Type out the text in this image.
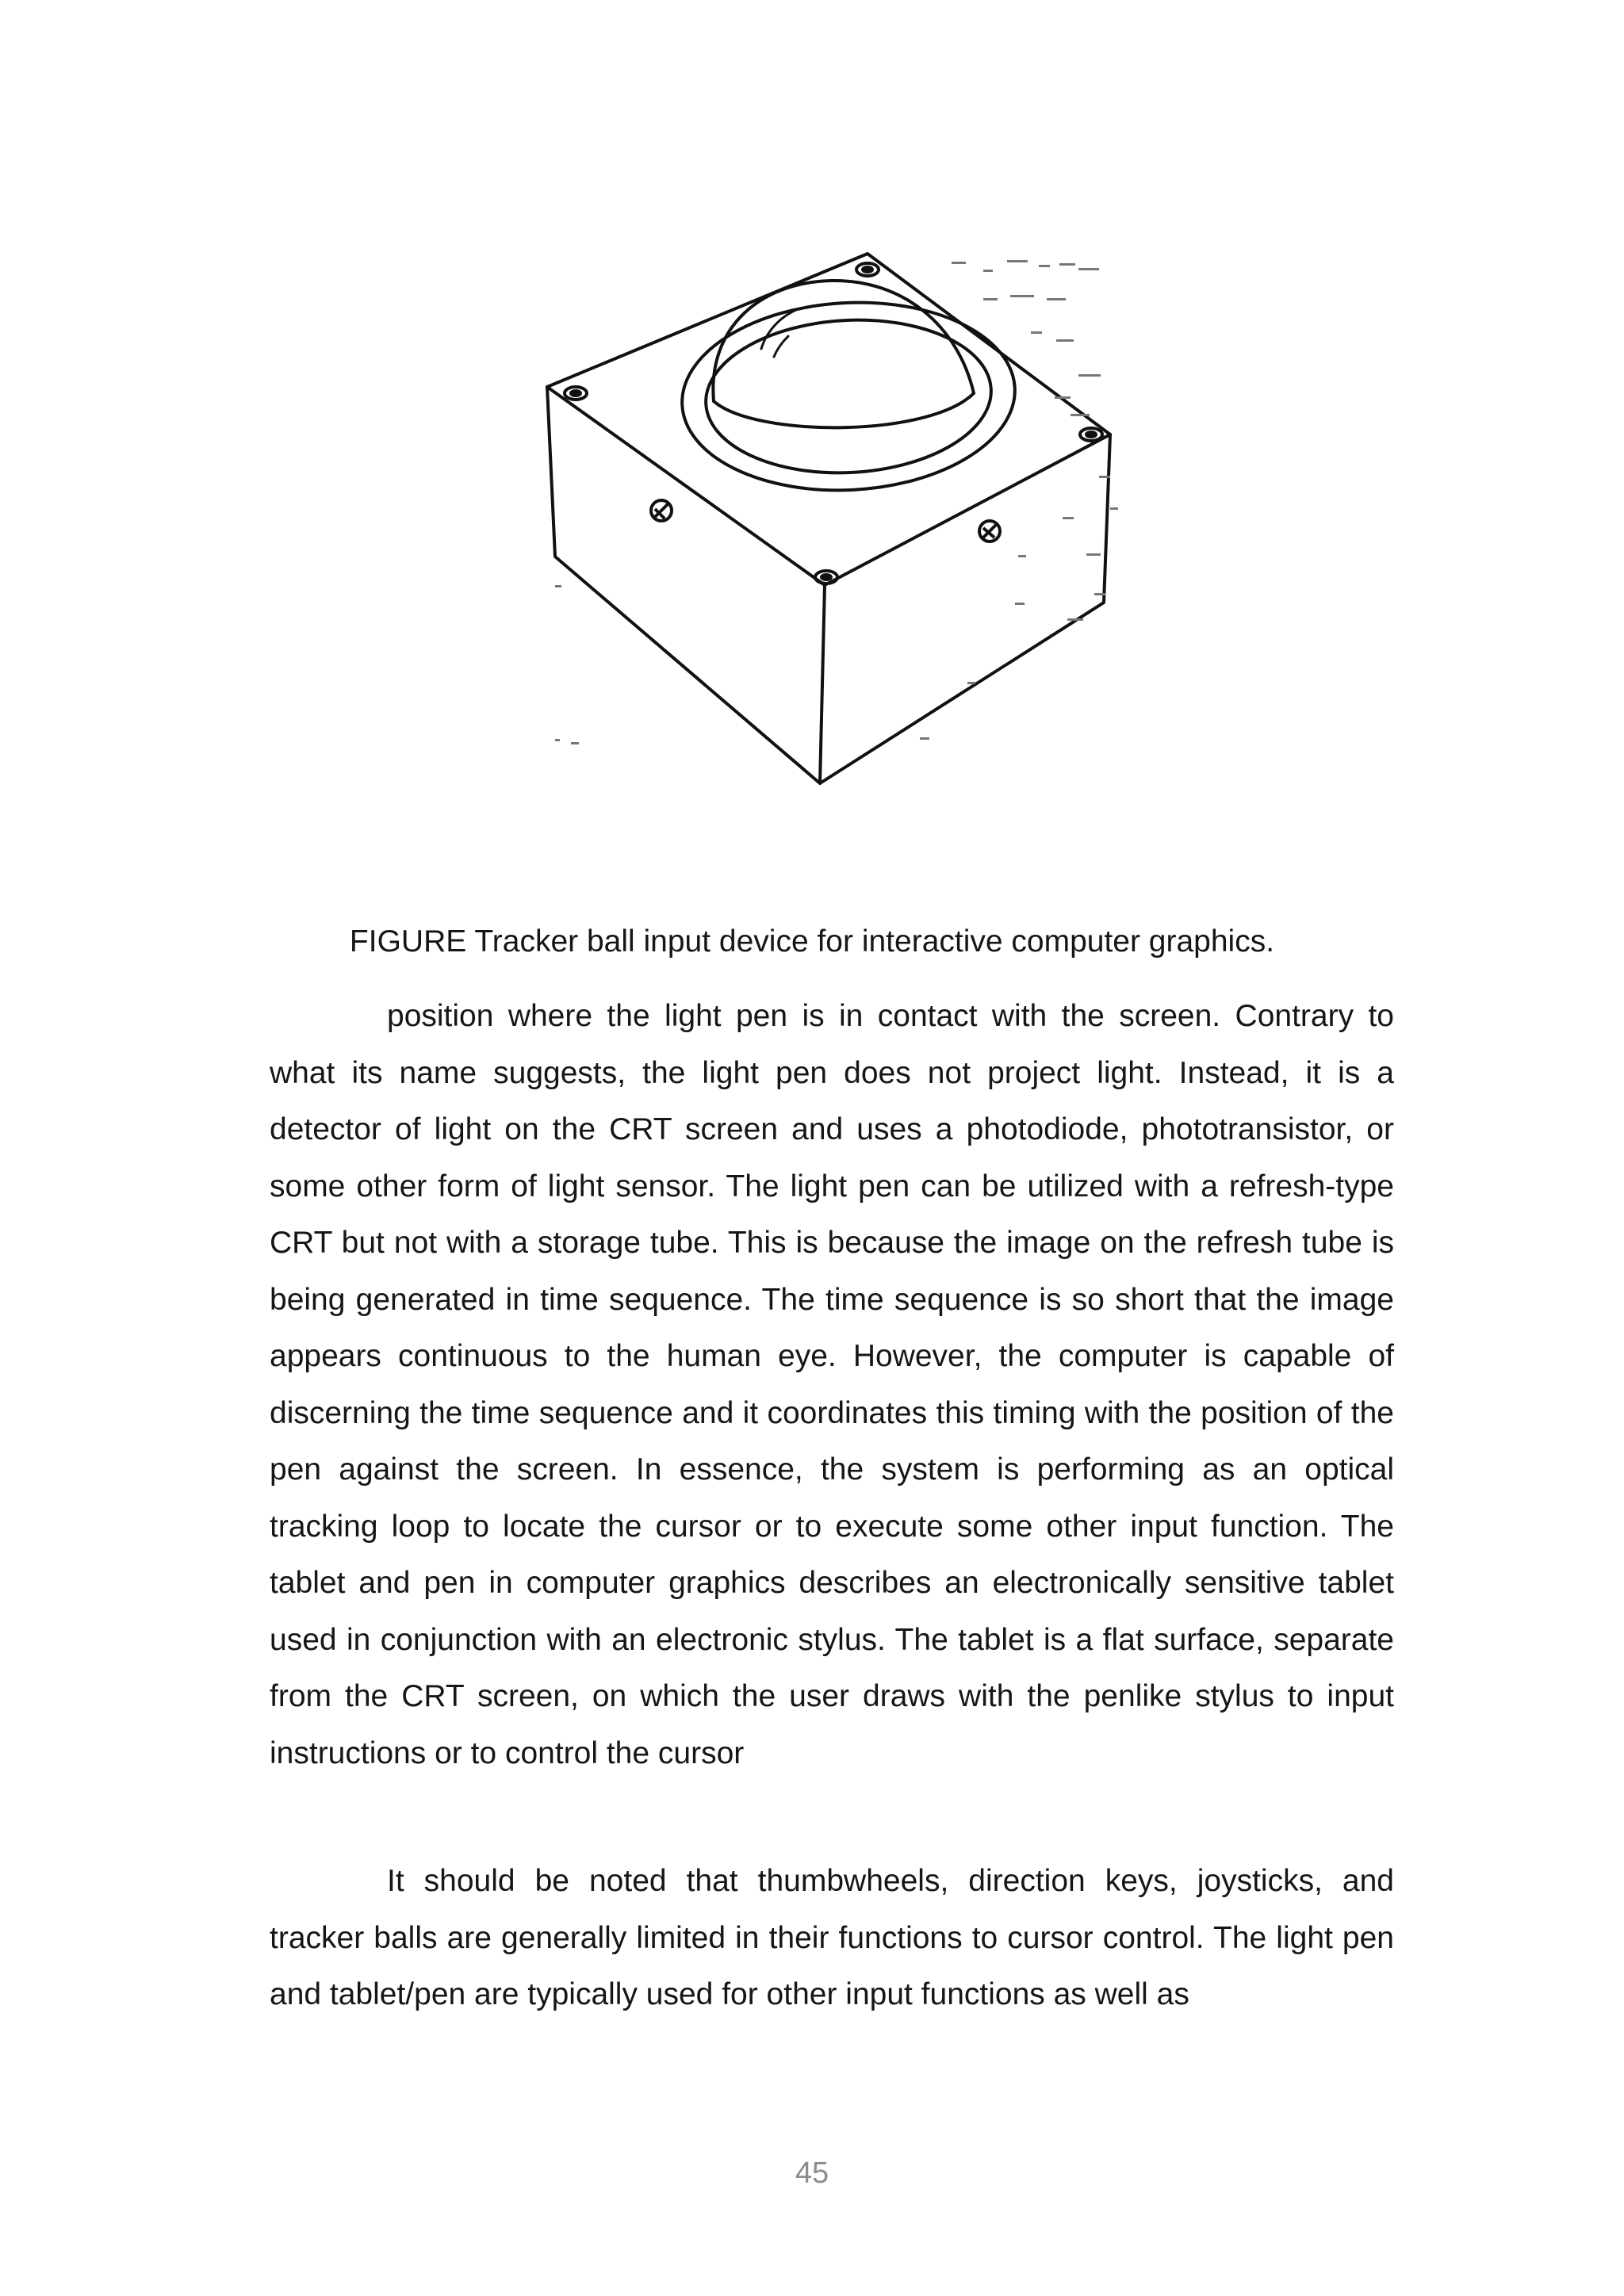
FIGURE Tracker ball input device for interactive computer graphics.

position where the light pen is in contact with the screen. Contrary to what its name suggests, the light pen does not project light. Instead, it is a detector of light on the CRT screen and uses a photodiode, phototransistor, or some other form of light sensor. The light pen can be utilized with a refresh-type CRT but not with a storage tube. This is because the image on the refresh tube is being generated in time sequence. The time sequence is so short that the image appears continuous to the human eye. However, the computer is capable of discerning the time sequence and it coordinates this timing with the position of the pen against the screen. In essence, the system is performing as an optical tracking loop to locate the cursor or to execute some other input function. The tablet and pen in computer graphics describes an electronically sensitive tablet used in conjunction with an electronic stylus. The tablet is a flat surface, separate from the CRT screen, on which the user draws with the penlike stylus to input instructions or to control the cursor

It should be noted that thumbwheels, direction keys, joysticks, and tracker balls are generally limited in their functions to cursor control. The light pen and tablet/pen are typically used for other input functions as well as

45
